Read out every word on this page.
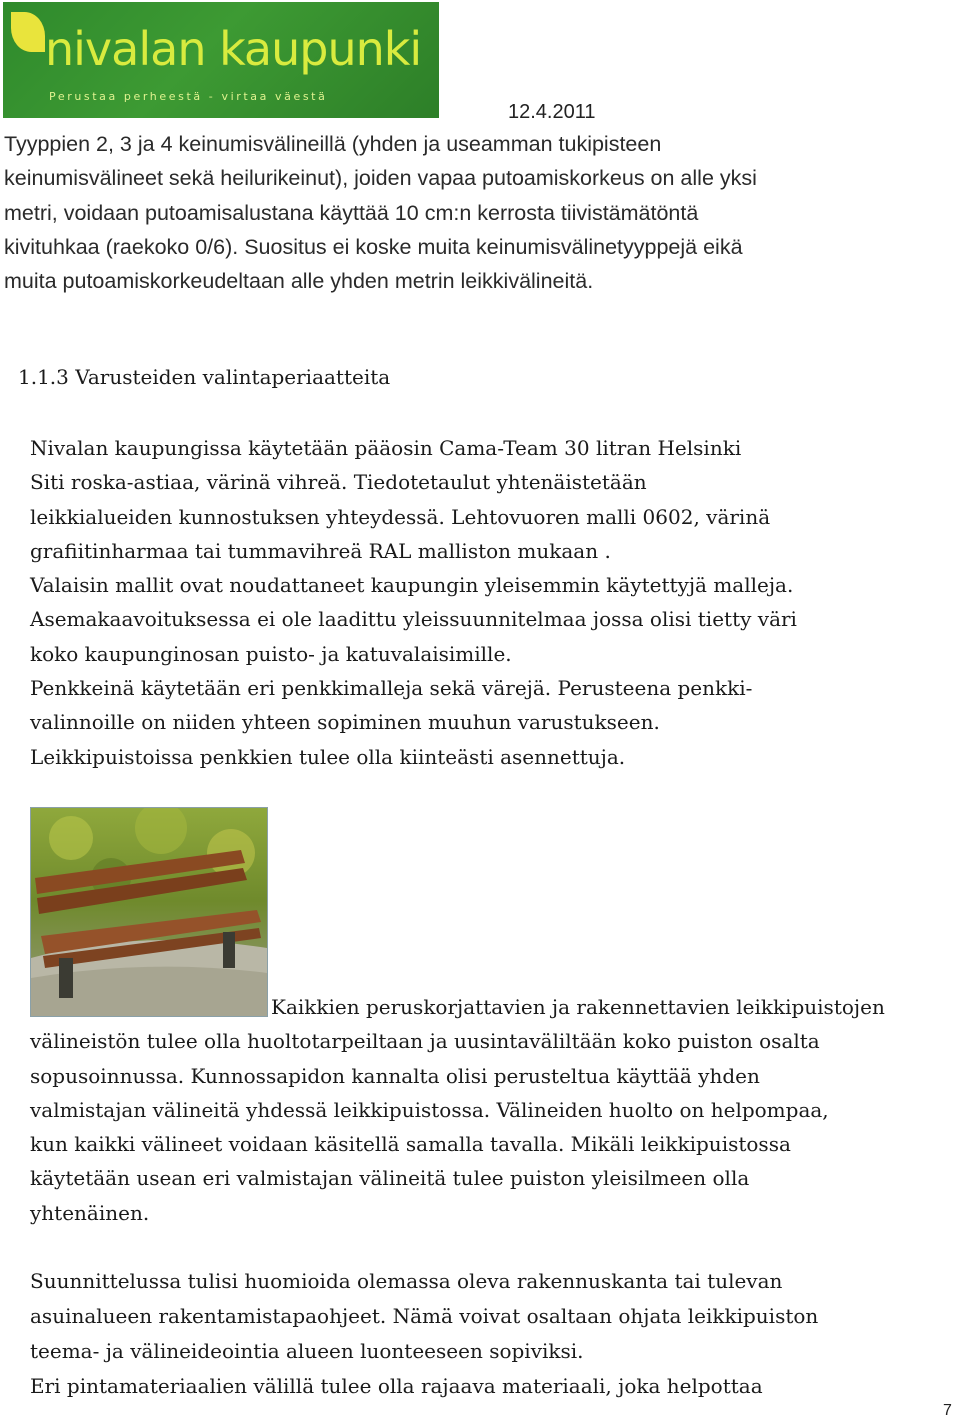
nivalan kaupunki
Perustaa perheestä - virtaa väestä
12.4.2011
Tyyppien 2, 3 ja 4 keinumisvälineillä (yhden ja useamman tukipisteen
keinumisvälineet sekä heilurikeinut), joiden vapaa putoamiskorkeus on alle yksi
metri, voidaan putoamisalustana käyttää 10 cm:n kerrosta tiivistämätöntä
kivituhkaa (raekoko 0/6). Suositus ei koske muita keinumisvälinetyyppejä eikä
muita putoamiskorkeudeltaan alle yhden metrin leikkivälineitä.
1.1.3 Varusteiden valintaperiaatteita
Nivalan kaupungissa käytetään pääosin Cama-Team 30 litran Helsinki
Siti roska-astiaa, värinä vihreä. Tiedotetaulut yhtenäistetään
leikkialueiden kunnostuksen yhteydessä. Lehtovuoren malli 0602, värinä
grafiitinharmaa tai tummavihreä RAL malliston mukaan .
Valaisin mallit ovat noudattaneet kaupungin yleisemmin käytettyjä malleja.
Asemakaavoituksessa ei ole laadittu yleissuunnitelmaa jossa olisi tietty väri
koko kaupunginosan puisto- ja katuvalaisimille.
Penkkeinä käytetään eri penkkimalleja sekä värejä. Perusteena penkki-
valinnoille on niiden yhteen sopiminen muuhun varustukseen.
Leikkipuistoissa penkkien tulee olla kiinteästi asennettuja.
Kaikkien peruskorjattavien ja rakennettavien leikkipuistojen
välineistön tulee olla huoltotarpeiltaan ja uusintaväliltään koko puiston osalta
sopusoinnussa. Kunnossapidon kannalta olisi perusteltua käyttää yhden
valmistajan välineitä yhdessä leikkipuistossa. Välineiden huolto on helpompaa,
kun kaikki välineet voidaan käsitellä samalla tavalla. Mikäli leikkipuistossa
käytetään usean eri valmistajan välineitä tulee puiston yleisilmeen olla
yhtenäinen.
Suunnittelussa tulisi huomioida olemassa oleva rakennuskanta tai tulevan
asuinalueen rakentamistapaohjeet. Nämä voivat osaltaan ohjata leikkipuiston
teema- ja välineideointia alueen luonteeseen sopiviksi.
Eri pintamateriaalien välillä tulee olla rajaava materiaali, joka helpottaa
7
